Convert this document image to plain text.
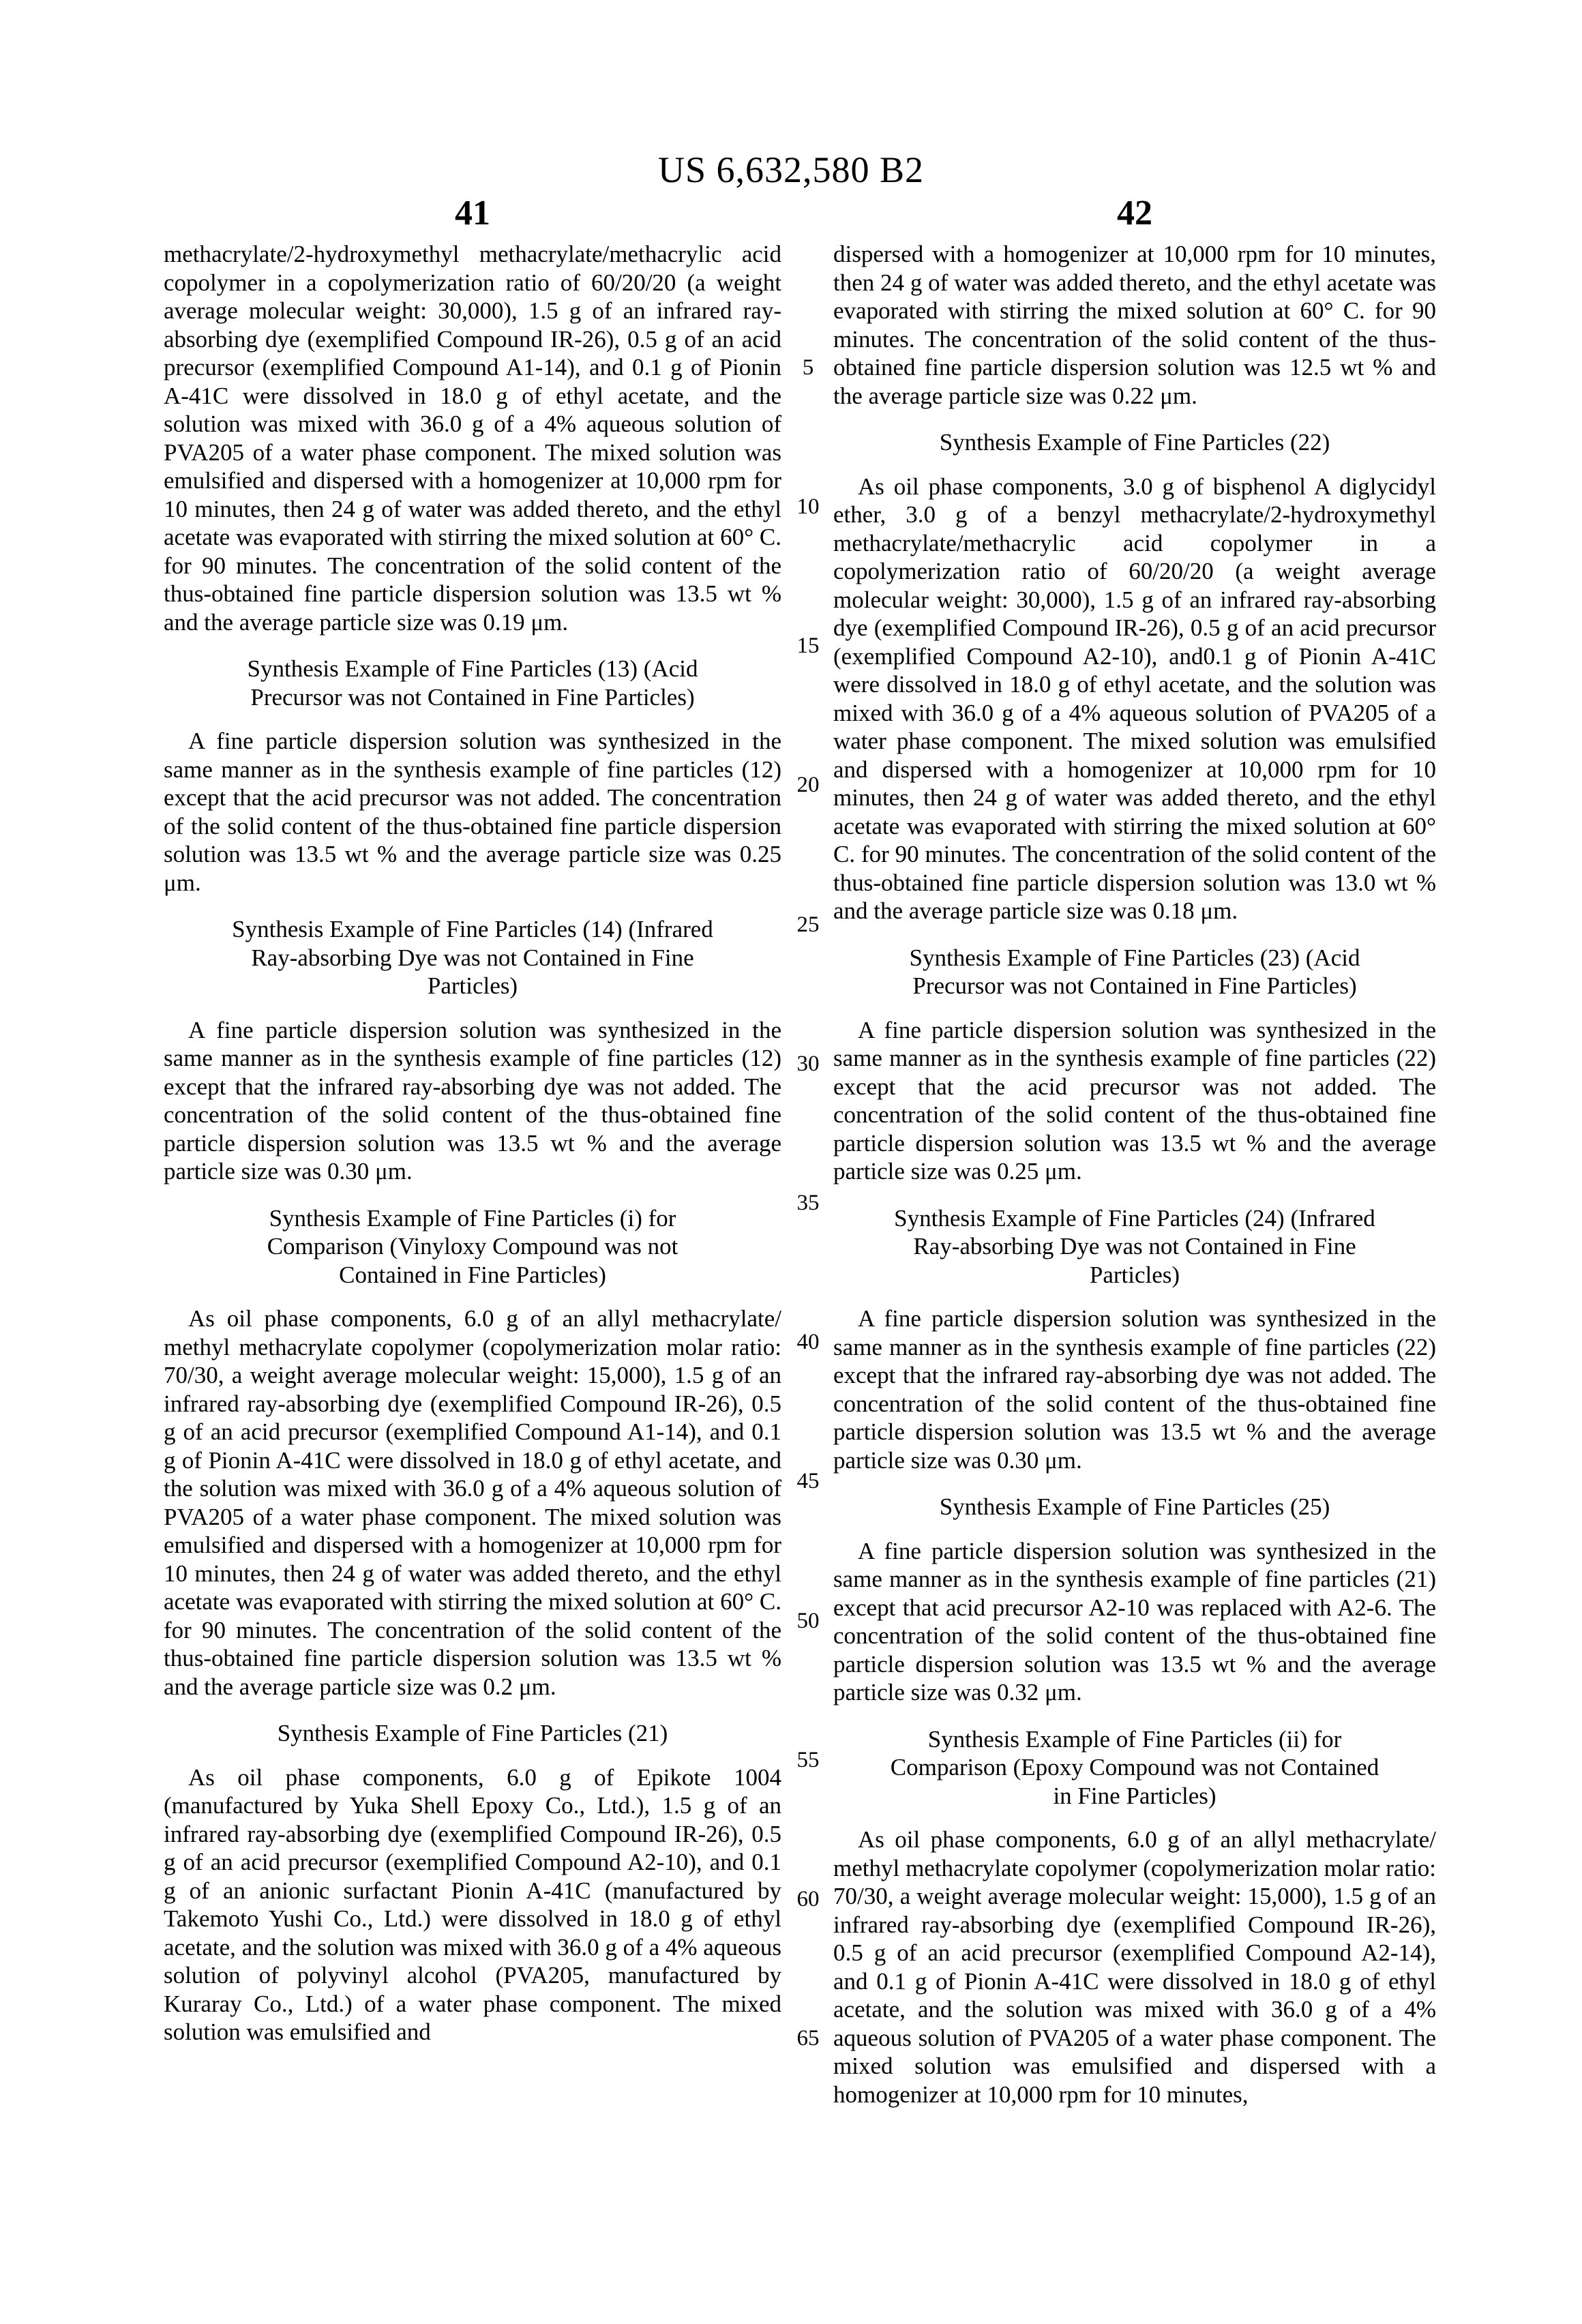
US 6,632,580 B2
41	42
5
10
15
20
25
30
35
40
45
50
55
60
65

methacrylate/2-hydroxymethyl methacrylate/methacrylic acid copolymer in a copolymerization ratio of 60/20/20 (a weight average molecular weight: 30,000), 1.5 g of an infrared ray-absorbing dye (exemplified Compound IR-26), 0.5 g of an acid precursor (exemplified Compound A1-14), and 0.1 g of Pionin A-41C were dissolved in 18.0 g of ethyl acetate, and the solution was mixed with 36.0 g of a 4% aqueous solution of PVA205 of a water phase component. The mixed solution was emulsified and dispersed with a homogenizer at 10,000 rpm for 10 minutes, then 24 g of water was added thereto, and the ethyl acetate was evaporated with stirring the mixed solution at 60° C. for 90 minutes. The concentration of the solid content of the thus-obtained fine particle dispersion solution was 13.5 wt % and the average particle size was 0.19 μm.

Synthesis Example of Fine Particles (13) (Acid
Precursor was not Contained in Fine Particles)

A fine particle dispersion solution was synthesized in the same manner as in the synthesis example of fine particles (12) except that the acid precursor was not added. The concentration of the solid content of the thus-obtained fine particle dispersion solution was 13.5 wt % and the average particle size was 0.25 μm.

Synthesis Example of Fine Particles (14) (Infrared
Ray-absorbing Dye was not Contained in Fine
Particles)

A fine particle dispersion solution was synthesized in the same manner as in the synthesis example of fine particles (12) except that the infrared ray-absorbing dye was not added. The concentration of the solid content of the thus-obtained fine particle dispersion solution was 13.5 wt % and the average particle size was 0.30 μm.

Synthesis Example of Fine Particles (i) for
Comparison (Vinyloxy Compound was not
Contained in Fine Particles)

As oil phase components, 6.0 g of an allyl methacrylate/ methyl methacrylate copolymer (copolymerization molar ratio: 70/30, a weight average molecular weight: 15,000), 1.5 g of an infrared ray-absorbing dye (exemplified Compound IR-26), 0.5 g of an acid precursor (exemplified Compound A1-14), and 0.1 g of Pionin A-41C were dissolved in 18.0 g of ethyl acetate, and the solution was mixed with 36.0 g of a 4% aqueous solution of PVA205 of a water phase component. The mixed solution was emulsified and dispersed with a homogenizer at 10,000 rpm for 10 minutes, then 24 g of water was added thereto, and the ethyl acetate was evaporated with stirring the mixed solution at 60° C. for 90 minutes. The concentration of the solid content of the thus-obtained fine particle dispersion solution was 13.5 wt % and the average particle size was 0.2 μm.

Synthesis Example of Fine Particles (21)

As oil phase components, 6.0 g of Epikote 1004 (manufactured by Yuka Shell Epoxy Co., Ltd.), 1.5 g of an infrared ray-absorbing dye (exemplified Compound IR-26), 0.5 g of an acid precursor (exemplified Compound A2-10), and 0.1 g of an anionic surfactant Pionin A-41C (manufactured by Takemoto Yushi Co., Ltd.) were dissolved in 18.0 g of ethyl acetate, and the solution was mixed with 36.0 g of a 4% aqueous solution of polyvinyl alcohol (PVA205, manufactured by Kuraray Co., Ltd.) of a water phase component. The mixed solution was emulsified and

dispersed with a homogenizer at 10,000 rpm for 10 minutes, then 24 g of water was added thereto, and the ethyl acetate was evaporated with stirring the mixed solution at 60° C. for 90 minutes. The concentration of the solid content of the thus-obtained fine particle dispersion solution was 12.5 wt % and the average particle size was 0.22 μm.

Synthesis Example of Fine Particles (22)

As oil phase components, 3.0 g of bisphenol A diglycidyl ether, 3.0 g of a benzyl methacrylate/2-hydroxymethyl methacrylate/methacrylic acid copolymer in a copolymerization ratio of 60/20/20 (a weight average molecular weight: 30,000), 1.5 g of an infrared ray-absorbing dye (exemplified Compound IR-26), 0.5 g of an acid precursor (exemplified Compound A2-10), and0.1 g of Pionin A-41C were dissolved in 18.0 g of ethyl acetate, and the solution was mixed with 36.0 g of a 4% aqueous solution of PVA205 of a water phase component. The mixed solution was emulsified and dispersed with a homogenizer at 10,000 rpm for 10 minutes, then 24 g of water was added thereto, and the ethyl acetate was evaporated with stirring the mixed solution at 60° C. for 90 minutes. The concentration of the solid content of the thus-obtained fine particle dispersion solution was 13.0 wt % and the average particle size was 0.18 μm.

Synthesis Example of Fine Particles (23) (Acid
Precursor was not Contained in Fine Particles)

A fine particle dispersion solution was synthesized in the same manner as in the synthesis example of fine particles (22) except that the acid precursor was not added. The concentration of the solid content of the thus-obtained fine particle dispersion solution was 13.5 wt % and the average particle size was 0.25 μm.

Synthesis Example of Fine Particles (24) (Infrared
Ray-absorbing Dye was not Contained in Fine
Particles)

A fine particle dispersion solution was synthesized in the same manner as in the synthesis example of fine particles (22) except that the infrared ray-absorbing dye was not added. The concentration of the solid content of the thus-obtained fine particle dispersion solution was 13.5 wt % and the average particle size was 0.30 μm.

Synthesis Example of Fine Particles (25)

A fine particle dispersion solution was synthesized in the same manner as in the synthesis example of fine particles (21) except that acid precursor A2-10 was replaced with A2-6. The concentration of the solid content of the thus-obtained fine particle dispersion solution was 13.5 wt % and the average particle size was 0.32 μm.

Synthesis Example of Fine Particles (ii) for
Comparison (Epoxy Compound was not Contained
in Fine Particles)

As oil phase components, 6.0 g of an allyl methacrylate/ methyl methacrylate copolymer (copolymerization molar ratio: 70/30, a weight average molecular weight: 15,000), 1.5 g of an infrared ray-absorbing dye (exemplified Compound IR-26), 0.5 g of an acid precursor (exemplified Compound A2-14), and 0.1 g of Pionin A-41C were dissolved in 18.0 g of ethyl acetate, and the solution was mixed with 36.0 g of a 4% aqueous solution of PVA205 of a water phase component. The mixed solution was emulsified and dispersed with a homogenizer at 10,000 rpm for 10 minutes,
